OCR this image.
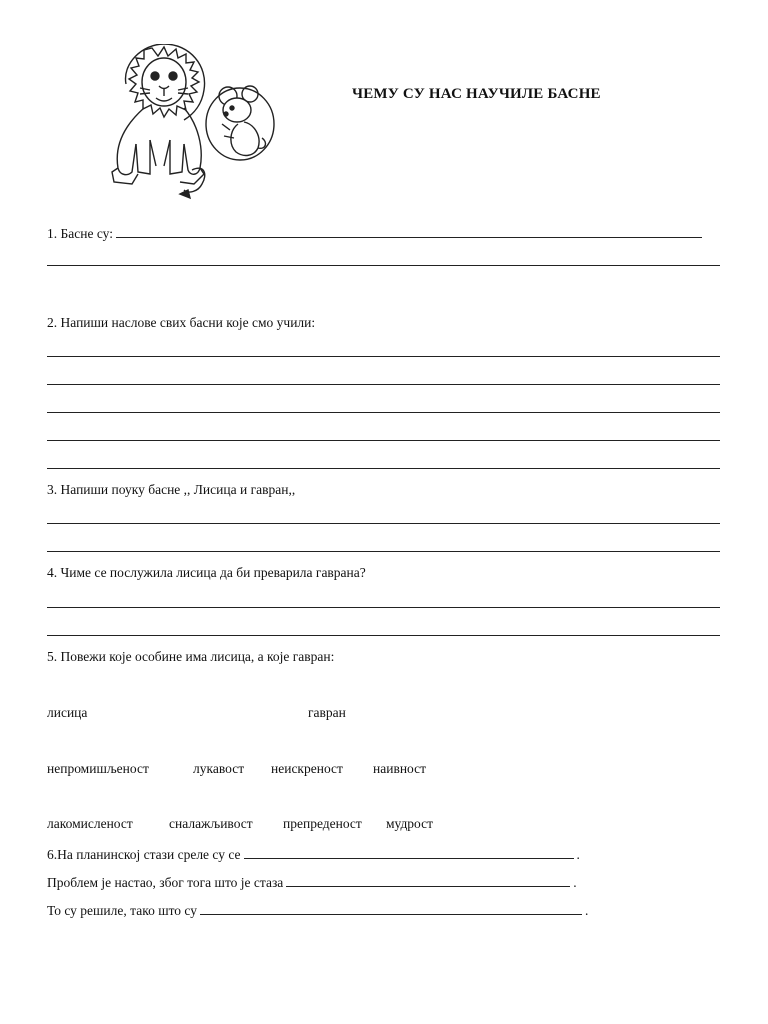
ЧЕМУ СУ НАС НАУЧИЛЕ БАСНЕ
1. Басне су:
2. Напиши наслове свих басни које смо учили:
3. Напиши поуку басне ,, Лисица и гавран,,
4. Чиме се послужила лисица да би преварила гаврана?
5. Повежи које особине има лисица, а које гавран:
лисица	гавран
непромишљеност	лукавост неискреност наивност
лакомисленост	сналажљивост препреденост мудрост
6.На планинској стази среле су се	.
Проблем је настао, због тога што је стаза	.
То су решиле, тако што су	.
